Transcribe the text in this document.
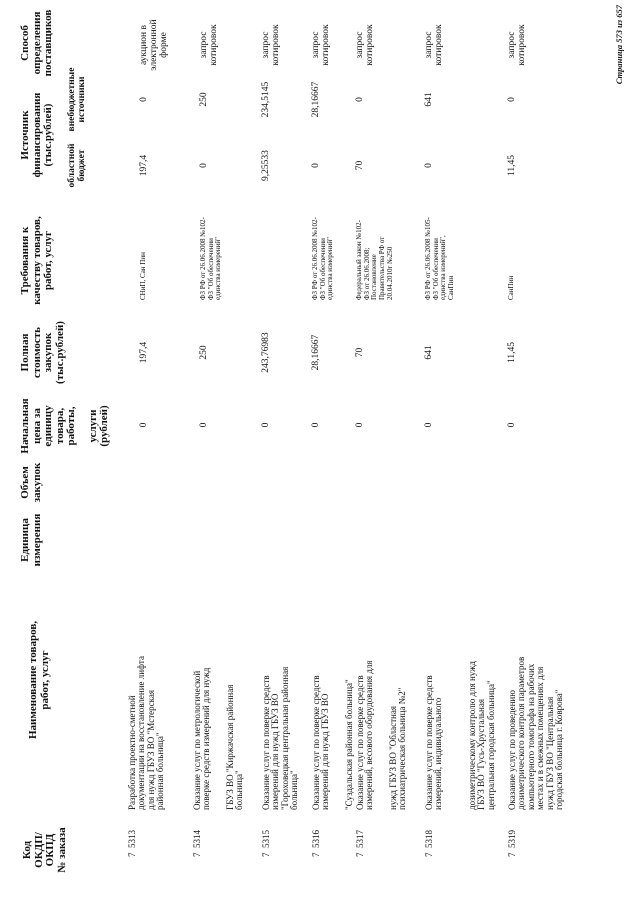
Код ОКДП/ ОКПД № заказа
Наименование товаров, работ, услуг
Единица измерения
Объем закупок
Начальная цена за единицу товара, работы, услуги (рублей)
Полная стоимость закупок (тыс.рублей)
Требования к качеству товаров, работ, услуг
Источник финансирования (тыс.рублей) областной бюджет
внебюджетные источники
Способ определения поставщиков
7  5313
Разработка проектно-сметной документации на восстановление лифта для нужд ГБУЗ ВО "Мстерская районная больница"
0
197,4
СНиП, Сан Пин
197,4
0
аукцион в электронной форме
7  5314
Оказание услуг по метрологической поверке средств измерений для нужд ГБУЗ ВО "Киржачская районная больница"
0
250
ФЗ РФ от 26.06.2008 №102- ФЗ "Об обеспечении единства измерений"
0
250
запрос котировок
7  5315
Оказание услуг по поверке средств измерений для нужд ГБУЗ ВО "Гороховецкая центральная районная больница"
0
243,76983
9,25533
234,5145
запрос котировок
7  5316
Оказание услуг по поверке средств измерений для нужд ГБУЗ ВО "Суздальская районная больница"
0
28,16667
ФЗ РФ от 26.06.2008 №102- ФЗ "Об обеспечении единства измерений"
0
28,16667
запрос котировок
7  5317
Оказание услуг по поверке средств измерений, весового оборудования для нужд ГБУЗ ВО "Областная психиатрическая больница №2"
0
70
Федеральный закон №102- ФЗ от 26.06.2008; Постановление Правительства РФ от 20.04.2010г №250
70
0
запрос котировок
7  5318
Оказание услуг по поверке средств измерений, индивидуального	дозиметрическому контролю для нужд ГБУЗ ВО "Гусь-Хрустальная центральная городская больница"
0
641
ФЗ РФ от 26.06.2008 №105- ФЗ "Об обеспечении единства измерений", СанПин
0
641
запрос котировок
7  5319
Оказание услуг по проведению дозиметрического контроля параметров компьютерного томографа на рабочих местах и в смежных помещениях для нужд ГБУЗ ВО "Центральная городская больница г. Коврова"
0
11,45
СанПин
11,45
0
запрос котировок	Страница 573 из 657
